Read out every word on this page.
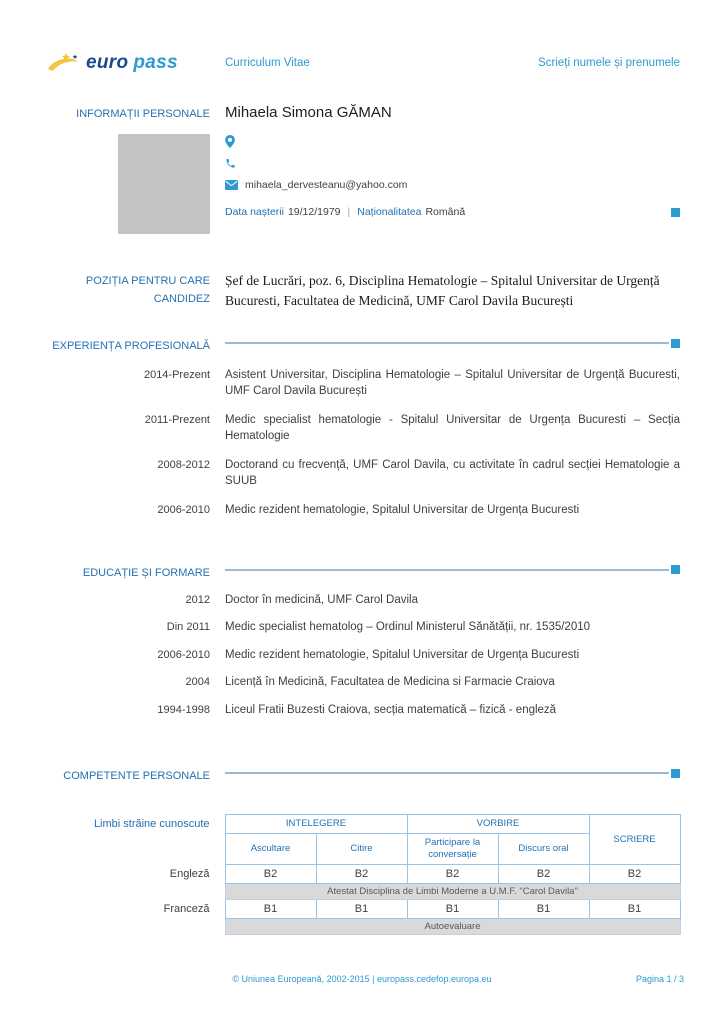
euro pass	Curriculum Vitae	Scrieți numele și prenumele
INFORMAȚII PERSONALE Mihaela Simona GĂMAN
mihaela_dervesteanu@yahoo.com
Data nașterii 19/12/1979 | Naționalitatea Română
POZIȚIA PENTRU CARE CANDIDEZ

Șef de Lucrări, poz. 6, Disciplina Hematologie – Spitalul Universitar de Urgență Bucuresti, Facultatea de Medicină, UMF Carol Davila București

EXPERIENȚA PROFESIONALĂ
2014-Prezent	Asistent Universitar, Disciplina Hematologie – Spitalul Universitar de Urgență Bucuresti, UMF Carol Davila București
2011-Prezent	Medic specialist hematologie - Spitalul Universitar de Urgența Bucuresti – Secția Hematologie
2008-2012	Doctorand cu frecvență, UMF Carol Davila, cu activitate în cadrul secției Hematologie a SUUB
2006-2010	Medic rezident hematologie, Spitalul Universitar de Urgența Bucuresti
EDUCAȚIE ȘI FORMARE
2012	Doctor în medicină, UMF Carol Davila
Din 2011	Medic specialist hematolog – Ordinul Ministerul Sănătății, nr. 1535/2010
2006-2010	Medic rezident hematologie, Spitalul Universitar de Urgența Bucuresti
2004	Licență în Medicină, Facultatea de Medicina si Farmacie Craiova
1994-1998	Liceul Fratii Buzesti Craiova, secția matematică – fizică - engleză
COMPETENTE PERSONALE
Limbi străine cunoscute	INTELEGERE		VORBIRE		SCRIERE
	Ascultare	Citire	Participare la conversație	Discurs oral	
Engleză	B2	B2	B2	B2	B2
	Atestat Disciplina de Limbi Moderne a U.M.F. "Carol Davila"				
Franceză	B1	B1	B1	B1	B1
	Autoevaluare				
© Uniunea Europeană, 2002-2015 | europass.cedefop.europa.eu	Pagina 1 / 3
